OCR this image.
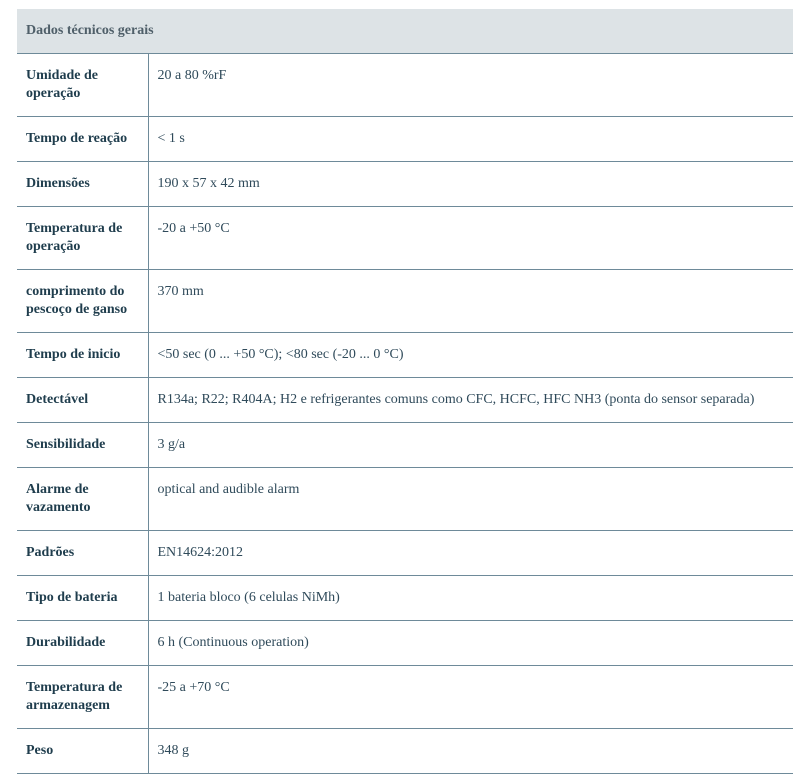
Dados técnicos gerais	
Umidade de operação	20 a 80 %rF
Tempo de reação	< 1 s
Dimensões	190 x 57 x 42 mm
Temperatura de operação	-20 a +50 °C
comprimento do pescoço de ganso	370 mm
Tempo de inicio	<50 sec (0 ... +50 °C); <80 sec (-20 ... 0 °C)
Detectável	R134a; R22; R404A; H2 e refrigerantes comuns como CFC, HCFC, HFC NH3 (ponta do sensor separada)
Sensibilidade	3 g/a
Alarme de vazamento	optical and audible alarm
Padrões	EN14624:2012
Tipo de bateria	1 bateria bloco (6 celulas NiMh)
Durabilidade	6 h (Continuous operation)
Temperatura de armazenagem	-25 a +70 °C
Peso	348 g
